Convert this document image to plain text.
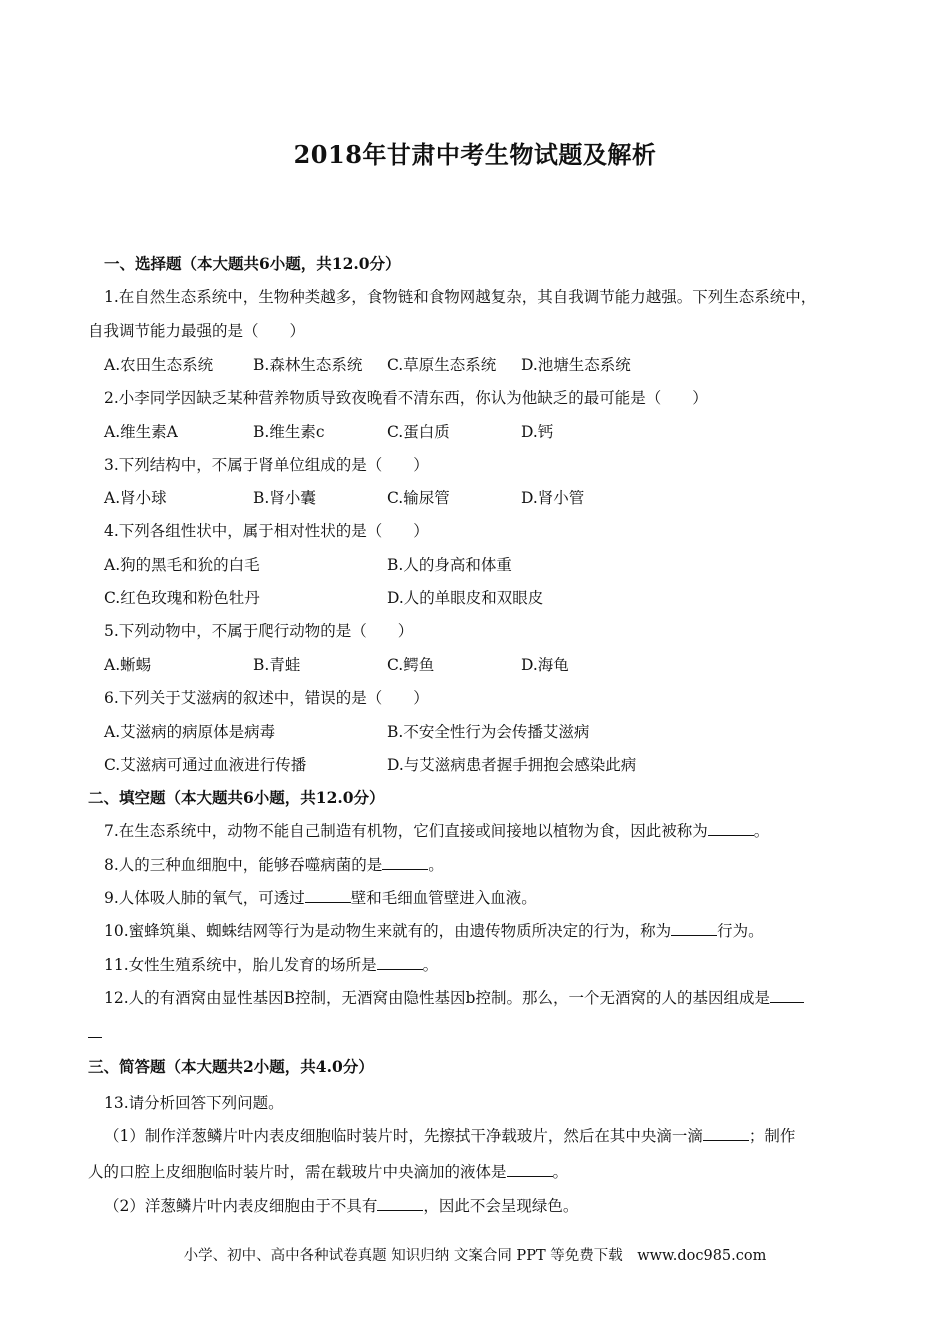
2018年甘肃中考生物试题及解析
一、选择题（本大题共6小题，共12.0分）
1.在自然生态系统中，生物种类越多，食物链和食物网越复杂，其自我调节能力越强。下列生态系统中，
自我调节能力最强的是（　　）
A.农田生态系统	B.森林生态系统 C.草原生态系统 D.池塘生态系统
2.小李同学因缺乏某种营养物质导致夜晚看不清东西，你认为他缺乏的最可能是（　　）
A.维生素A	B.维生素c	C.蛋白质	D.钙
3.下列结构中，不属于肾单位组成的是（　　）
A.肾小球	B.肾小囊	C.输尿管	D.肾小管
4.下列各组性状中，属于相对性状的是（　　）
A.狗的黑毛和狁的白毛	B.人的身高和体重
C.红色玫瑰和粉色牡丹	D.人的单眼皮和双眼皮
5.下列动物中，不属于爬行动物的是（　　）
A.蜥蜴	B.青蛙	C.鳄鱼	D.海龟
6.下列关于艾滋病的叙述中，错误的是（　　）
A.艾滋病的病原体是病毒	B.不安全性行为会传播艾滋病
C.艾滋病可通过血液进行传播	D.与艾滋病患者握手拥抱会感染此病
二、填空题（本大题共6小题，共12.0分）
7.在生态系统中，动物不能自己制造有机物，它们直接或间接地以植物为食，因此被称为	。
8.人的三种血细胞中，能够吞噬病菌的是	。
9.人体吸人肺的氧气，可透过	壁和毛细血管壁进入血液。
10.蜜蜂筑巢、蜘蛛结网等行为是动物生来就有的，由遗传物质所决定的行为，称为	行为。
11.女性生殖系统中，胎儿发育的场所是	。
12.人的有酒窝由显性基因B控制，无酒窝由隐性基因b控制。那么，一个无酒窝的人的基因组成是
三、简答题（本大题共2小题，共4.0分）
13.请分析回答下列问题。
（1）制作洋葱鳞片叶内表皮细胞临时装片时，先擦拭干净载玻片，然后在其中央滴一滴	；制作
人的口腔上皮细胞临时装片时，需在载玻片中央滴加的液体是	。
（2）洋葱鳞片叶内表皮细胞由于不具有	，因此不会呈现绿色。
小学、初中、高中各种试卷真题 知识归纳 文案合同 PPT 等免费下载　www.doc985.com
